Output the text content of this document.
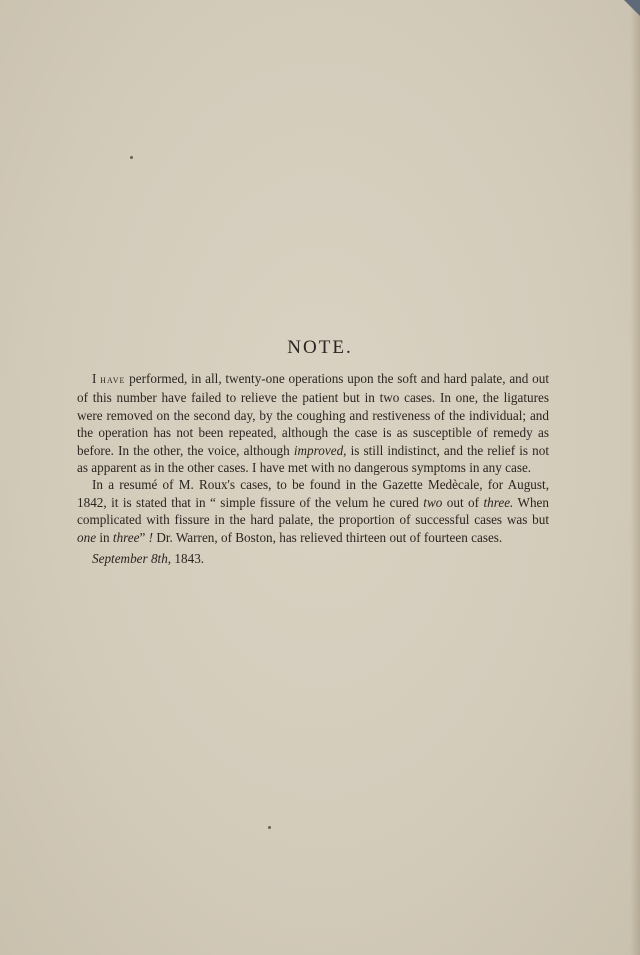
NOTE.

I have performed, in all, twenty-one operations upon the soft and hard palate, and out of this number have failed to relieve the patient but in two cases. In one, the ligatures were removed on the second day, by the coughing and restiveness of the individual; and the operation has not been repeated, although the case is as susceptible of remedy as before. In the other, the voice, although improved, is still indistinct, and the relief is not as apparent as in the other cases. I have met with no dangerous symptoms in any case.

In a resumé of M. Roux's cases, to be found in the Gazette Medècale, for August, 1842, it is stated that in “ simple fissure of the velum he cured two out of three. When complicated with fissure in the hard palate, the proportion of successful cases was but one in three” ! Dr. Warren, of Boston, has relieved thirteen out of fourteen cases.

September 8th, 1843.
